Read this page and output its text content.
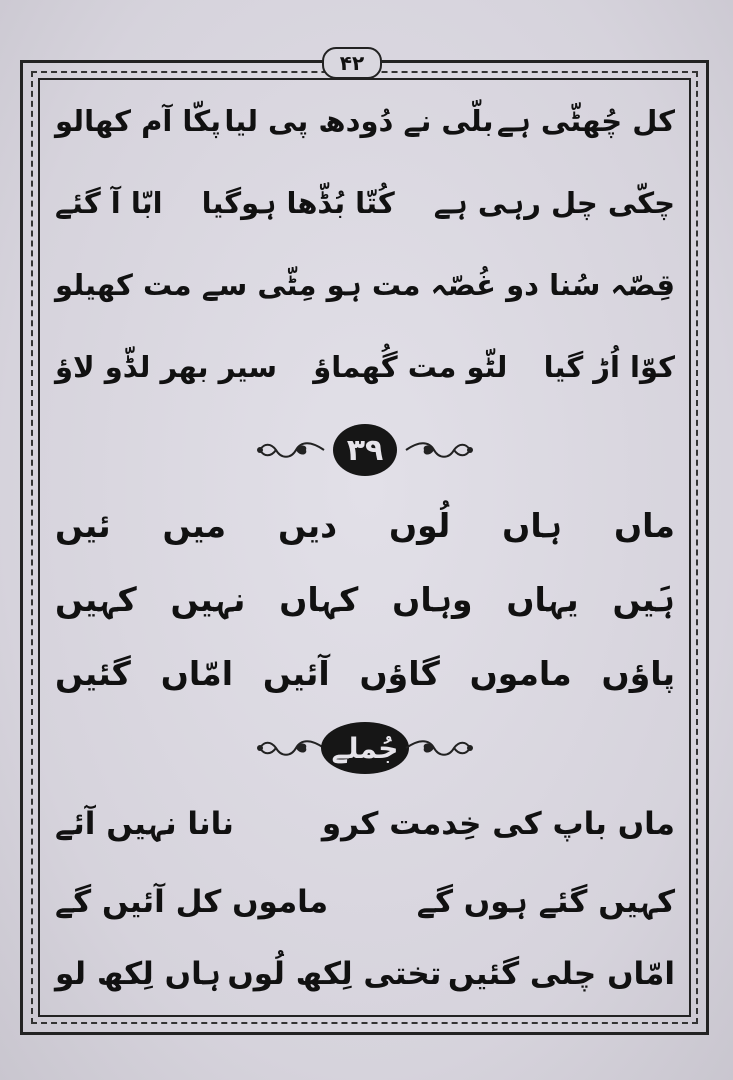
۴۲
کل چُھٹّی ہے
بلّی نے دُودھ پی لیا
پکّا آم کھالو
چکّی چل رہی ہے
کُتّا بُڈّھا ہوگیا
ابّا آ گئے
قِصّہ سُنا دو
غُصّہ مت ہو
مِٹّی سے مت کھیلو
کوّا اُڑ گیا
لٹّو مت گُھماؤ
سیر بھر لڈّو لاؤ
۳۹
ماں
ہاں
لُوں
دیں
میں
ئیں
ہَیں
یہاں
وہاں
کہاں
نہیں
کہیں
پاؤں
ماموں
گاؤں
آئیں
امّاں
گئیں
جُملے
ماں باپ کی خِدمت کرو
نانا نہیں آئے
کہیں گئے ہوں گے
ماموں کل آئیں گے
امّاں چلی گئیں
تختی لِکھ لُوں
ہاں لِکھ لو
